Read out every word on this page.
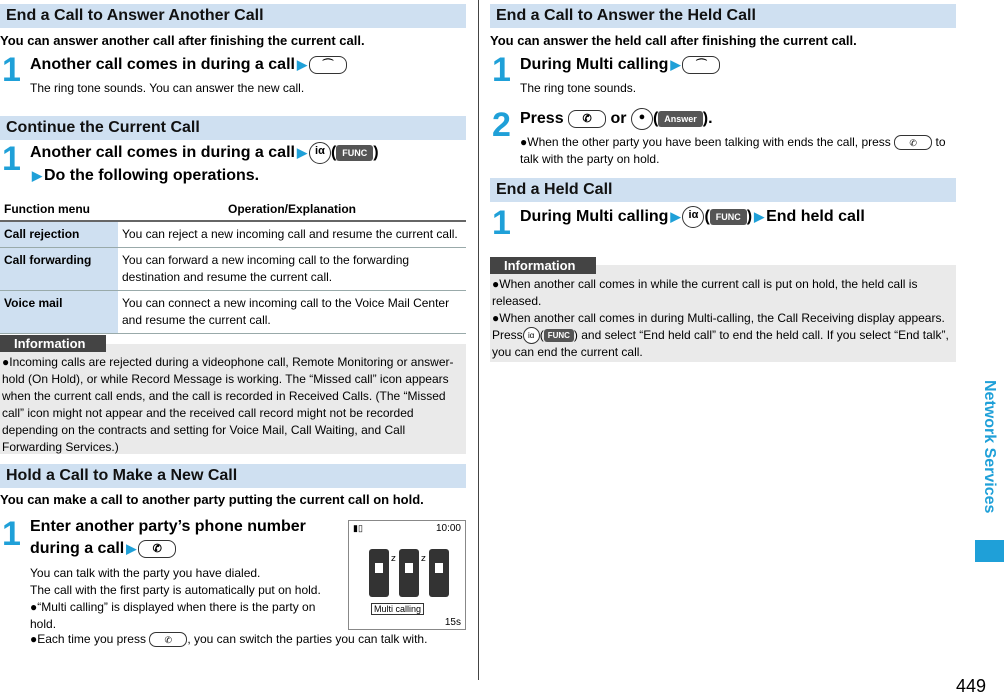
End a Call to Answer Another Call
You can answer another call after finishing the current call.
1 Another call comes in during a call ▶ ⌒
The ring tone sounds. You can answer the new call.
Continue the Current Call
1 Another call comes in during a call ▶ iα ( FUNC )
▶ Do the following operations.
Function menu	Operation/Explanation
Call rejection	You can reject a new incoming call and resume the current call.
Call forwarding	You can forward a new incoming call to the forwarding destination and resume the current call.
Voice mail	You can connect a new incoming call to the Voice Mail Center and resume the current call.
Information
●Incoming calls are rejected during a videophone call, Remote Monitoring or answer-hold (On Hold), or while Record Message is working. The “Missed call” icon appears when the current call ends, and the call is recorded in Received Calls. (The “Missed call” icon might not appear and the received call record might not be recorded depending on the contracts and setting for Voice Mail, Call Waiting, and Call Forwarding Services.)
Hold a Call to Make a New Call
You can make a call to another party putting the current call on hold.
1 Enter another party’s phone number
during a call ▶ ✆
You can talk with the party you have dialed.
The call with the first party is automatically put on hold.
●“Multi calling” is displayed when there is the party on hold.
●Each time you press ✆ , you can switch the parties you can talk with.
▮▯	10:00
z	z
Multi calling
15s
End a Call to Answer the Held Call
You can answer the held call after finishing the current call.
1 During Multi calling ▶ ⌒
The ring tone sounds.
2 Press ✆ or ● ( Answer ).
●When the other party you have been talking with ends the call, press ✆ to talk with the party on hold.
End a Held Call
1 During Multi calling ▶ iα ( FUNC ) ▶ End held call
Information
●When another call comes in while the current call is put on hold, the held call is released.
●When another call comes in during Multi-calling, the Call Receiving display appears. Press iα ( FUNC ) and select “End held call” to end the held call. If you select “End talk”, you can end the current call.
Network Services
449
